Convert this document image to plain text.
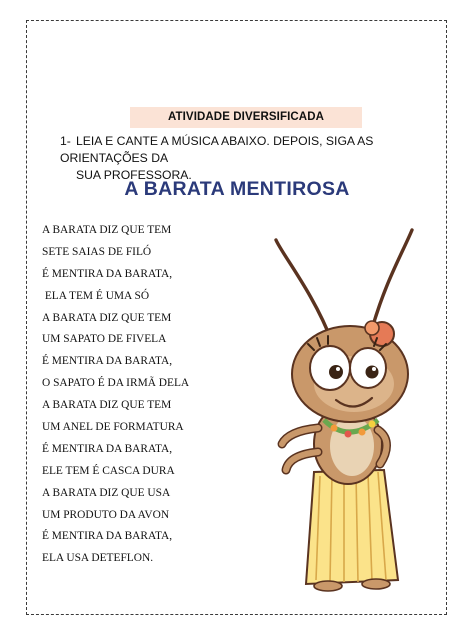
ATIVIDADE DIVERSIFICADA
1- LEIA E CANTE A MÚSICA ABAIXO. DEPOIS, SIGA AS ORIENTAÇÕES DA
SUA PROFESSORA.
A BARATA MENTIROSA
A BARATA DIZ QUE TEM
SETE SAIAS DE FILÓ
É MENTIRA DA BARATA,
ELA TEM É UMA SÓ
A BARATA DIZ QUE TEM
UM SAPATO DE FIVELA
É MENTIRA DA BARATA,
O SAPATO É DA IRMÃ DELA
A BARATA DIZ QUE TEM
UM ANEL DE FORMATURA
É MENTIRA DA BARATA,
ELE TEM É CASCA DURA
A BARATA DIZ QUE USA
UM PRODUTO DA AVON
É MENTIRA DA BARATA,
ELA USA DETEFLON.
